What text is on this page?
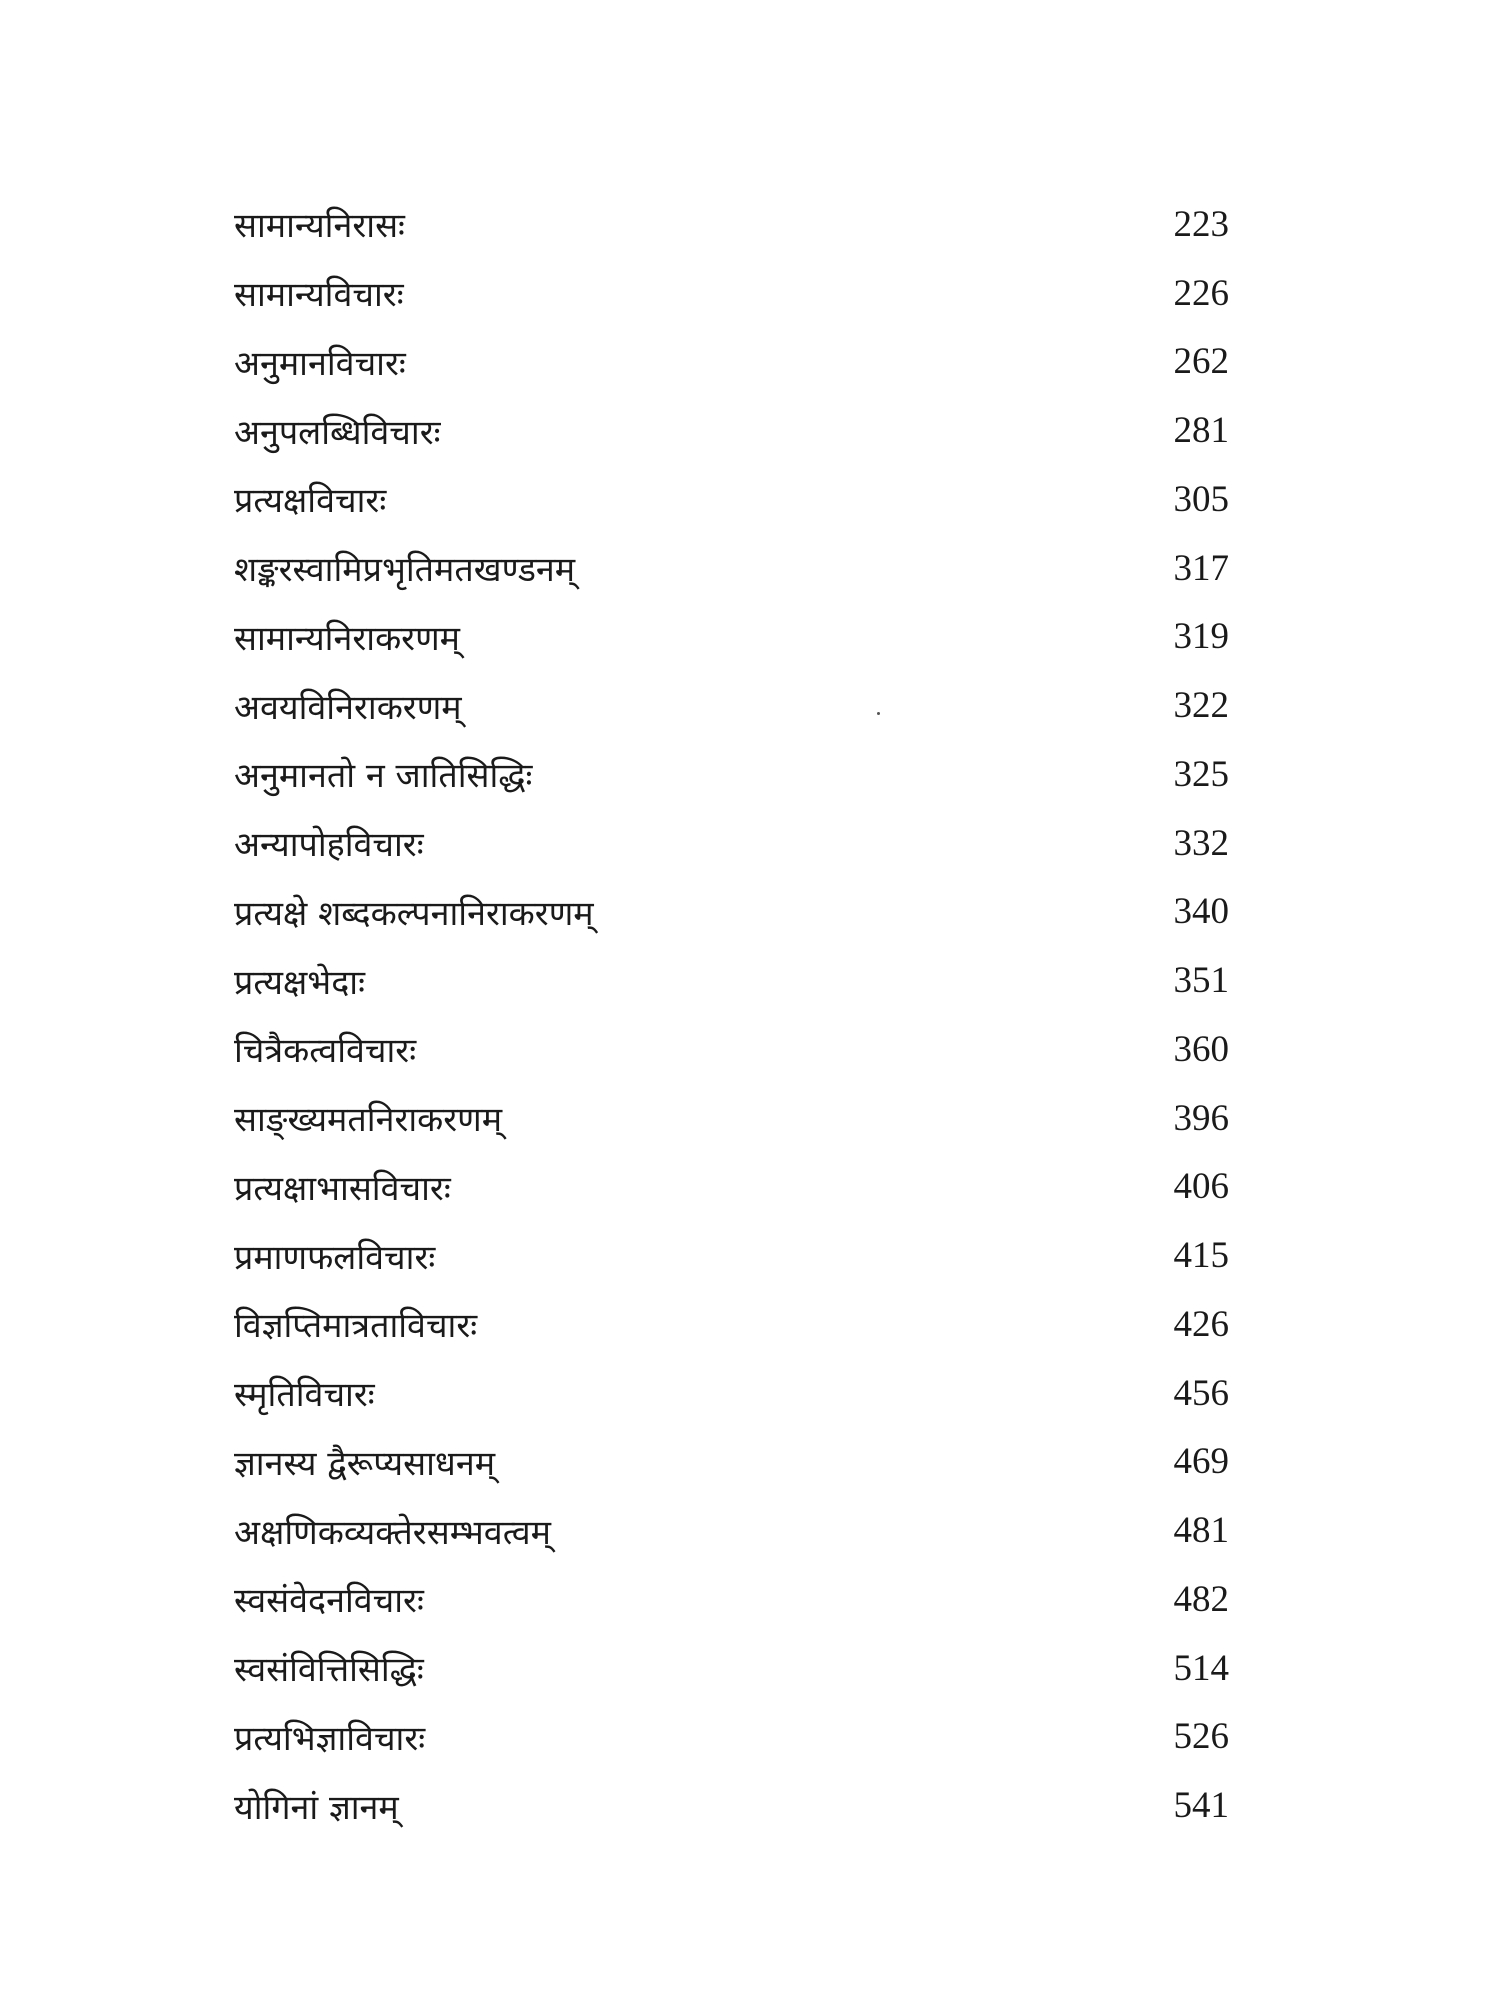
सामान्यनिरासः	223
सामान्यविचारः	226
अनुमानविचारः	262
अनुपलब्धिविचारः	281
प्रत्यक्षविचारः	305
शङ्करस्वामिप्रभृतिमतखण्डनम्	317
सामान्यनिराकरणम्	319
अवयविनिराकरणम्	322
अनुमानतो न जातिसिद्धिः	325
अन्यापोहविचारः	332
प्रत्यक्षे शब्दकल्पनानिराकरणम्	340
प्रत्यक्षभेदाः	351
चित्रैकत्वविचारः	360
साङ्ख्यमतनिराकरणम्	396
प्रत्यक्षाभासविचारः	406
प्रमाणफलविचारः	415
विज्ञप्तिमात्रताविचारः	426
स्मृतिविचारः	456
ज्ञानस्य द्वैरूप्यसाधनम्	469
अक्षणिकव्यक्तेरसम्भवत्वम्	481
स्वसंवेदनविचारः	482
स्वसंवित्तिसिद्धिः	514
प्रत्यभिज्ञाविचारः	526
योगिनां ज्ञानम्	541
